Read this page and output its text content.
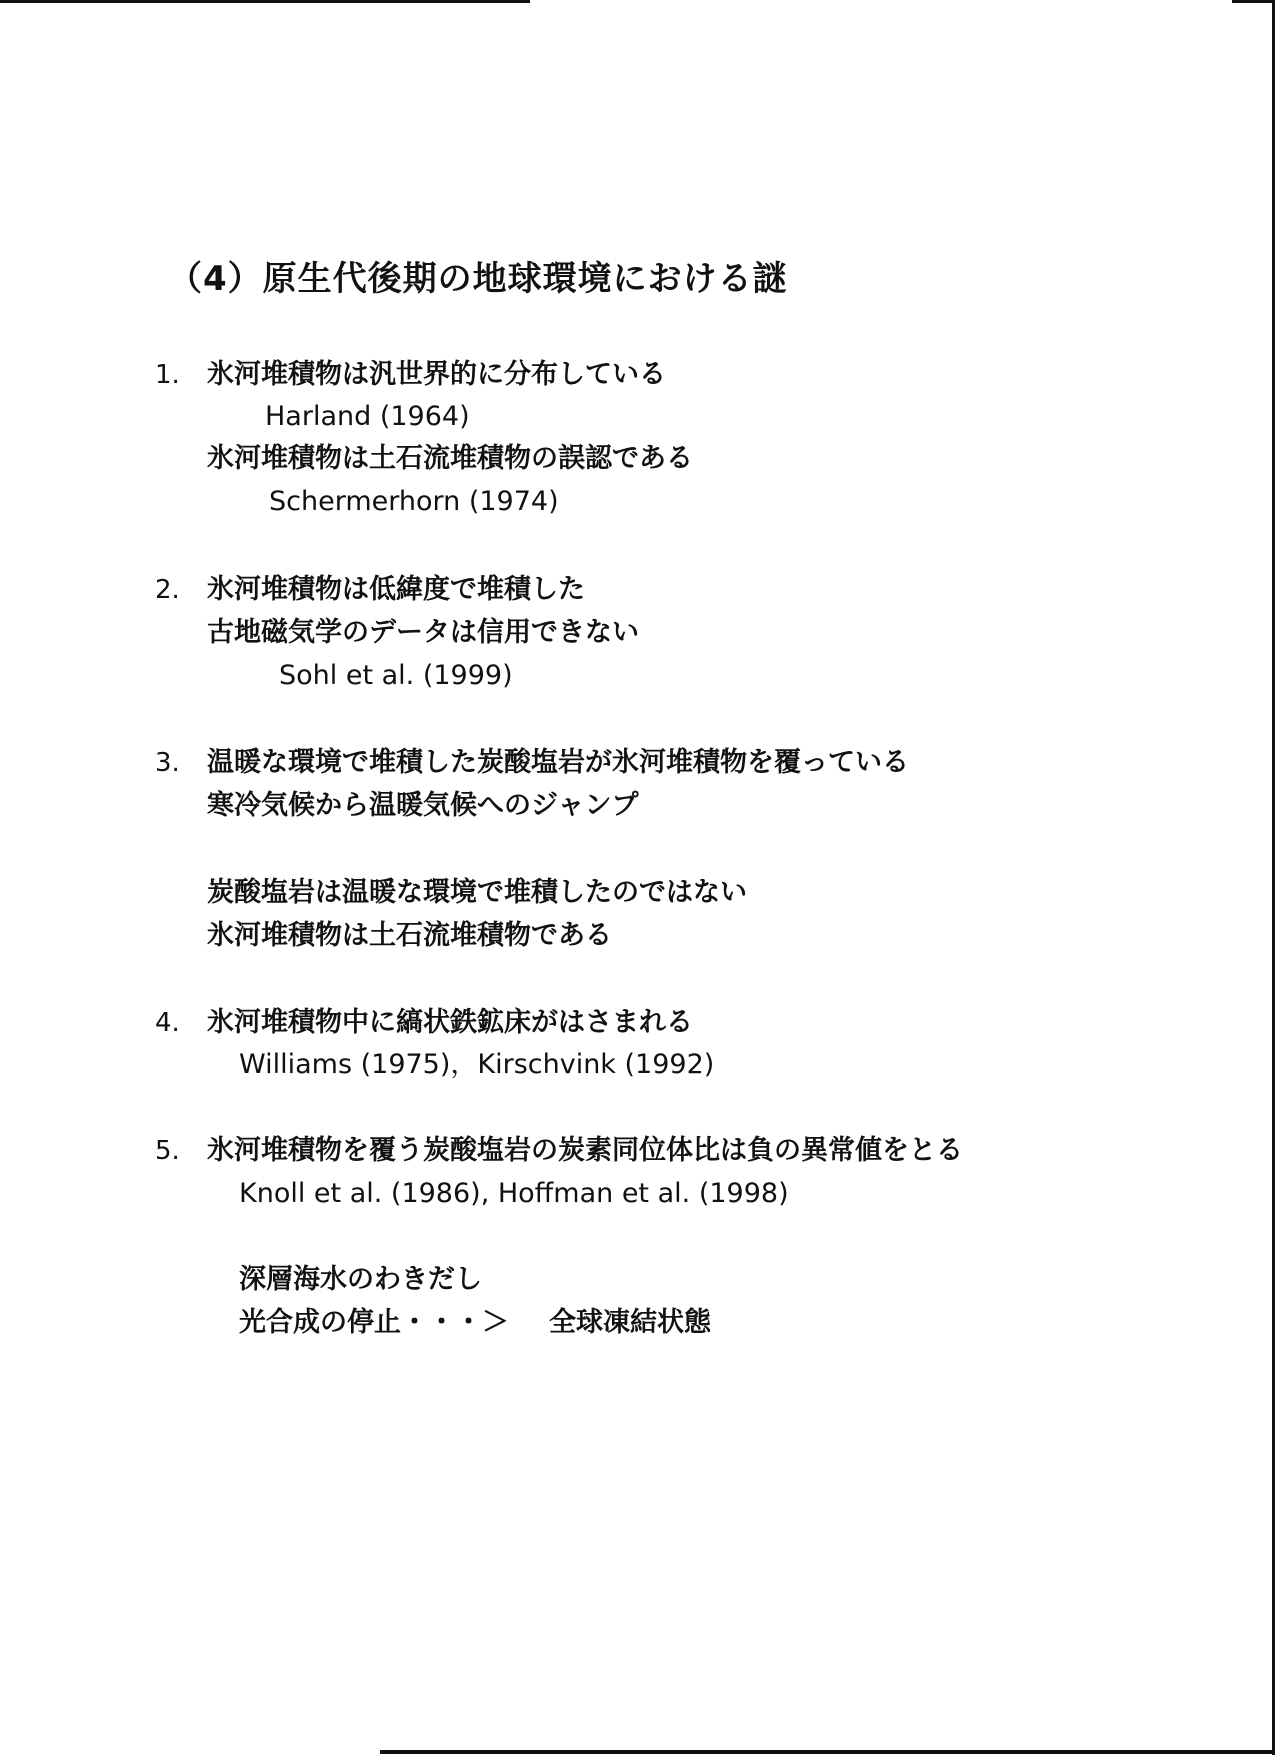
（4）原生代後期の地球環境における謎
1. 氷河堆積物は汎世界的に分布している
Harland (1964)
氷河堆積物は土石流堆積物の誤認である
Schermerhorn (1974)
2. 氷河堆積物は低緯度で堆積した
古地磁気学のデータは信用できない
Sohl et al. (1999)
3. 温暖な環境で堆積した炭酸塩岩が氷河堆積物を覆っている
寒冷気候から温暖気候へのジャンプ
炭酸塩岩は温暖な環境で堆積したのではない
氷河堆積物は土石流堆積物である
4. 氷河堆積物中に縞状鉄鉱床がはさまれる
Williams (1975)，Kirschvink (1992)
5. 氷河堆積物を覆う炭酸塩岩の炭素同位体比は負の異常値をとる
Knoll et al. (1986), Hoffman et al. (1998)
深層海水のわきだし
光合成の停止・・・＞ 全球凍結状態
